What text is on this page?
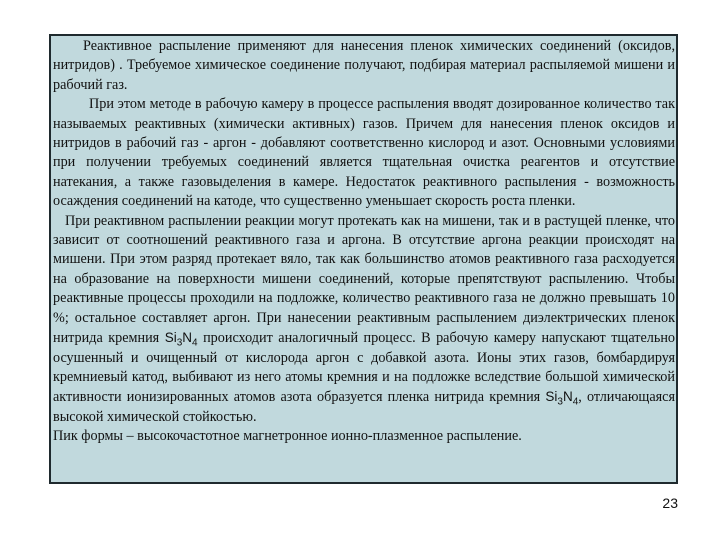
Реактивное распыление применяют для нанесения пленок химических соединений (оксидов, нитридов) . Требуемое химическое соединение получают, подбирая материал распыляемой мишени и рабочий газ.

При этом методе в рабочую камеру в процессе распыления вводят дозированное количество так называемых реактивных (химически активных) газов. Причем для нанесения пленок оксидов и нитридов в рабочий газ - аргон - добавляют соответственно кислород и азот. Основными условиями при получении требуемых соединений является тщательная очистка реагентов и отсутствие натекания, а также газовыделения в камере. Недостаток реактивного распыления - возможность осаждения соединений на катоде, что существенно уменьшает скорость роста пленки.

При реактивном распылении реакции могут протекать как на мишени, так и в растущей пленке, что зависит от соотношений реактивного газа и аргона. В отсутствие аргона реакции происходят на мишени. При этом разряд протекает вяло, так как большинство атомов реактивного газа расходуется на образование на поверхности мишени соединений, которые препятствуют распылению. Чтобы реактивные процессы проходили на подложке, количество реактивного газа не должно превышать 10 %; остальное составляет аргон. При нанесении реактивным распылением диэлектрических пленок нитрида кремния $Si_3N_4$ происходит аналогичный процесс. В рабочую камеру напускают тщательно осушенный и очищенный от кислорода аргон с добавкой азота. Ионы этих газов, бомбардируя кремниевый катод, выбивают из него атомы кремния и на подложке вследствие большой химической активности ионизированных атомов азота образуется пленка нитрида кремния $Si_3N_4$, отличающаяся высокой химической стойкостью.

Пик формы – высокочастотное магнетронное ионно-плазменное распыление.

23
